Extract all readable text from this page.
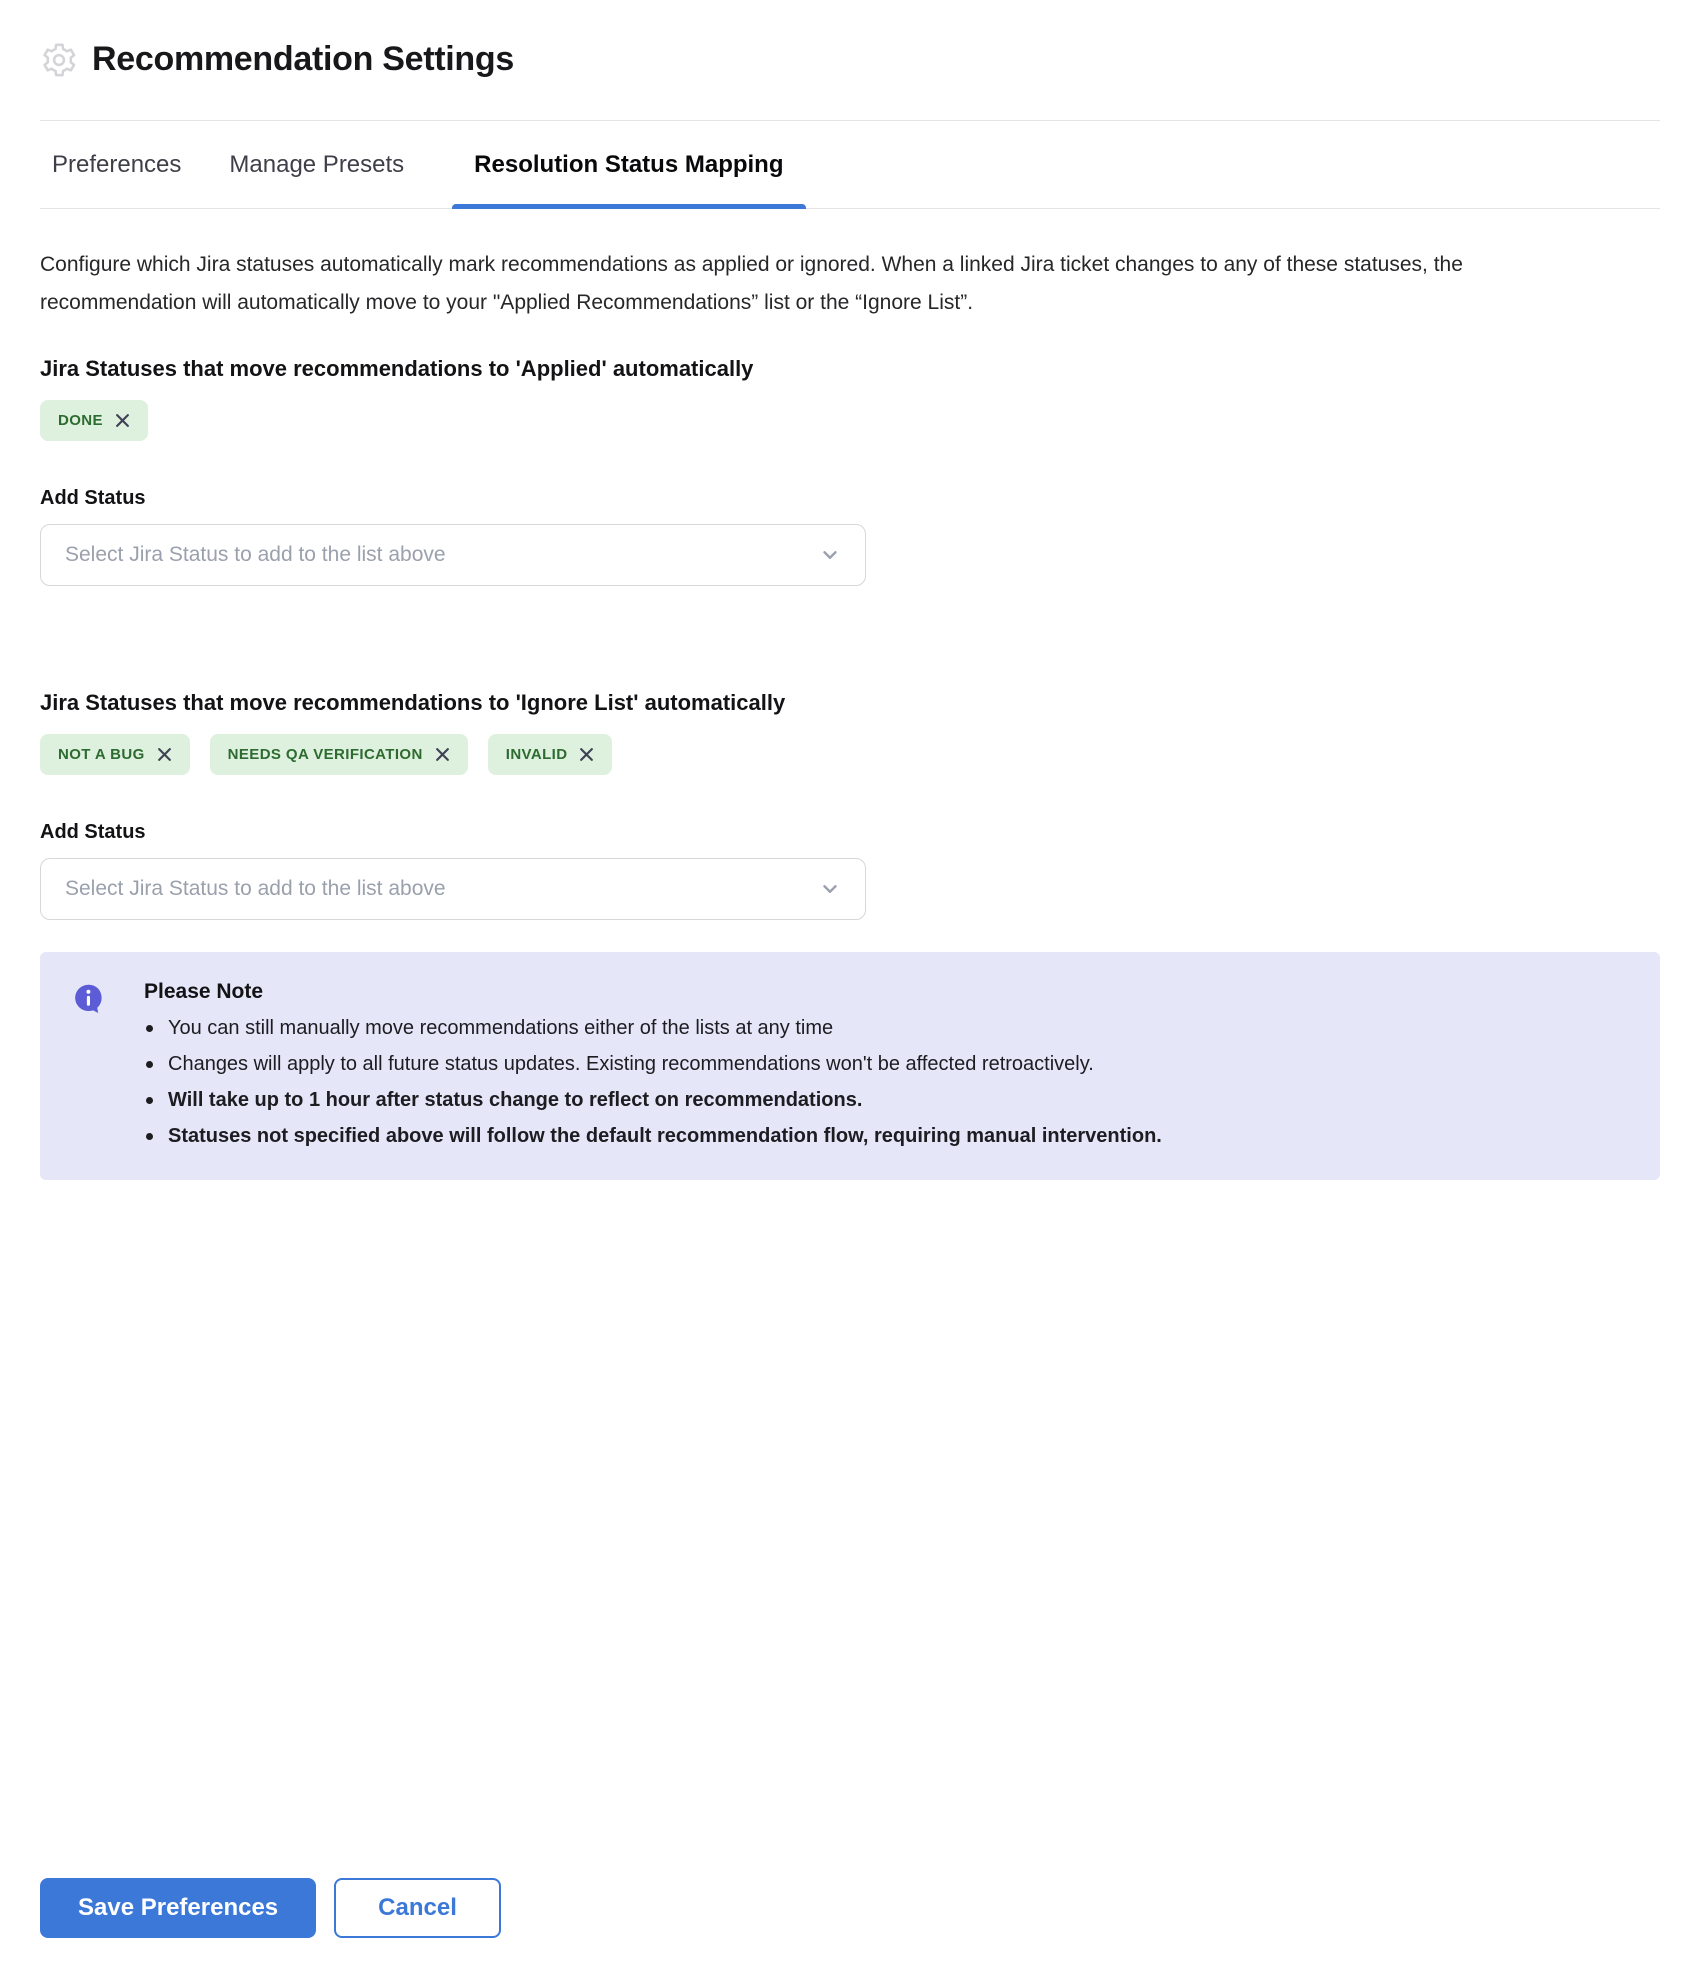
Recommendation Settings
Preferences Manage Presets	Resolution Status Mapping

Configure which Jira statuses automatically mark recommendations as applied or ignored. When a linked Jira ticket changes to any of these statuses, the recommendation will automatically move to your "Applied Recommendations” list or the “Ignore List”.

Jira Statuses that move recommendations to 'Applied' automatically
DONE
Add Status
Select Jira Status to add to the list above
Jira Statuses that move recommendations to 'Ignore List' automatically
NOT A BUG	NEEDS QA VERIFICATION	INVALID
Add Status
Select Jira Status to add to the list above
Please Note
You can still manually move recommendations either of the lists at any time
Changes will apply to all future status updates. Existing recommendations won't be affected retroactively.
Will take up to 1 hour after status change to reflect on recommendations.
Statuses not specified above will follow the default recommendation flow, requiring manual intervention.
Save Preferences	Cancel
